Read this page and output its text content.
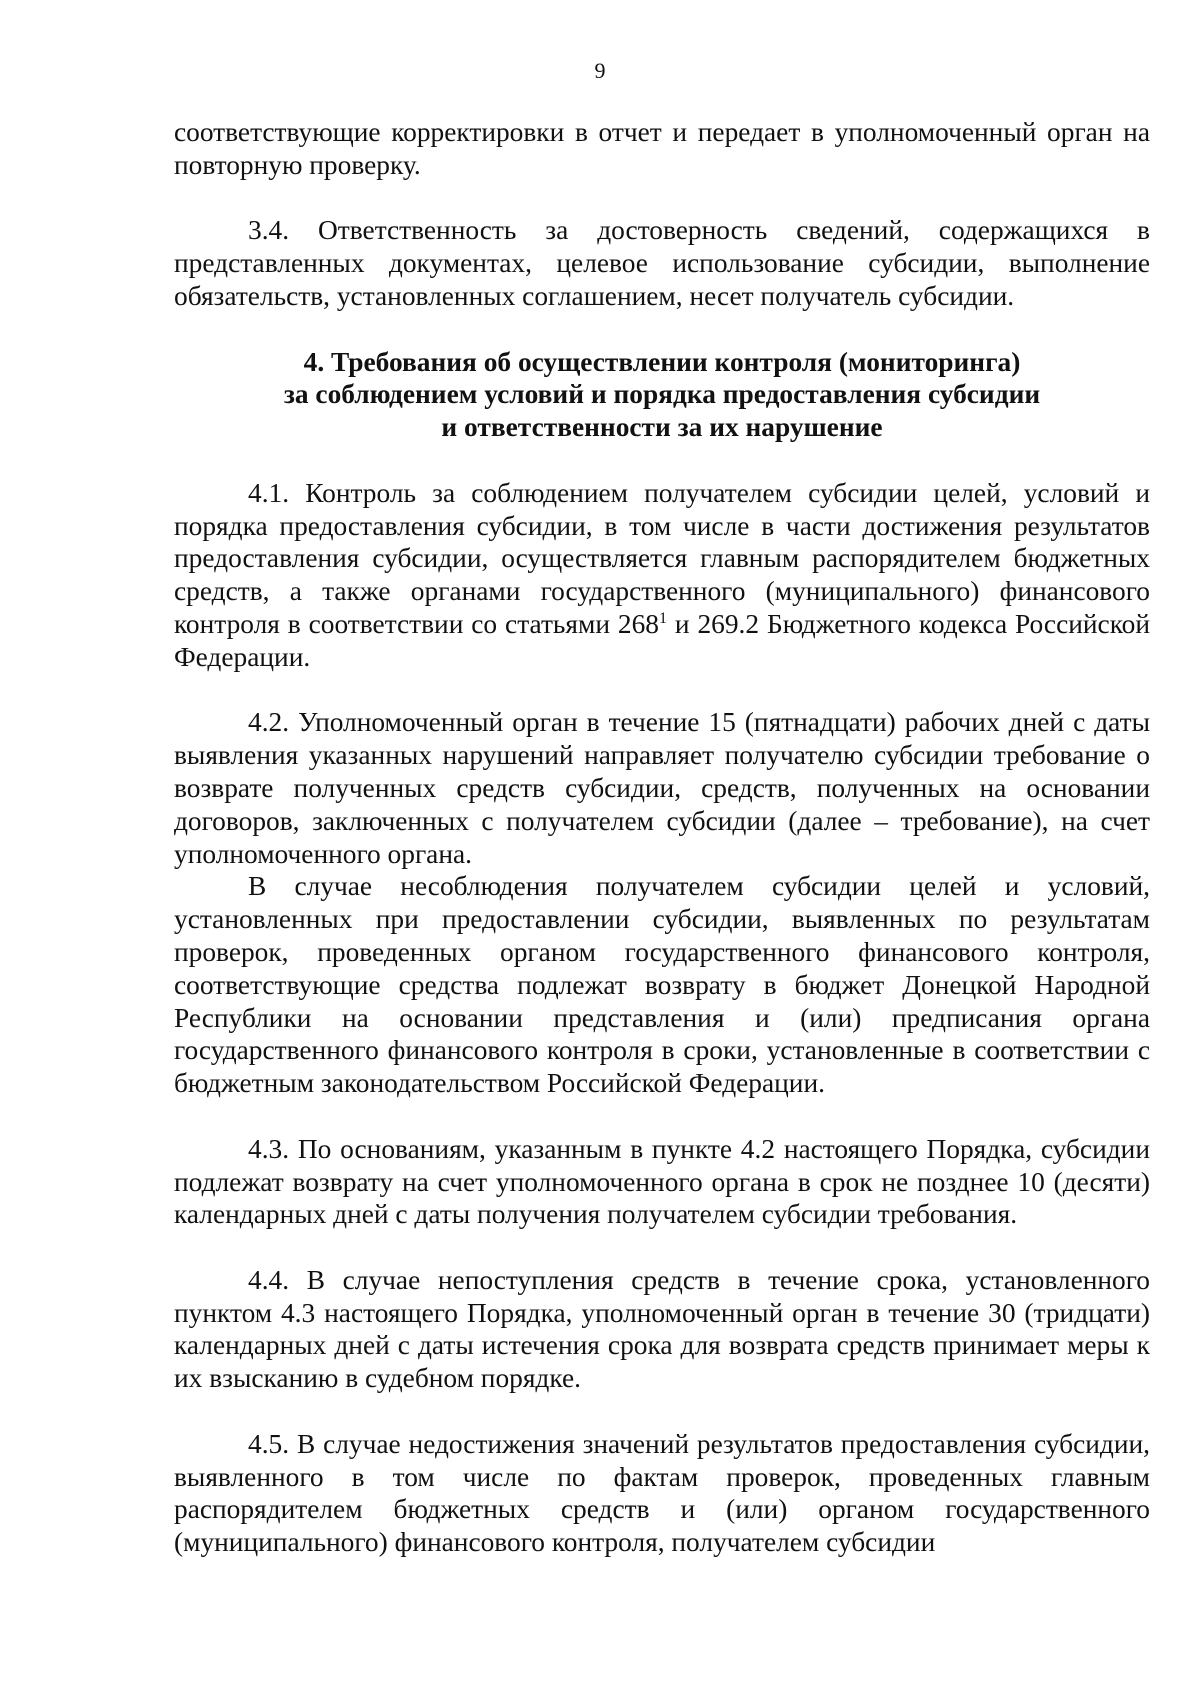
9

соответствующие корректировки в отчет и передает в уполномоченный орган на повторную проверку.

3.4. Ответственность за достоверность сведений, содержащихся в представленных документах, целевое использование субсидии, выполнение обязательств, установленных соглашением, несет получатель субсидии.

4. Требования об осуществлении контроля (мониторинга)
за соблюдением условий и порядка предоставления субсидии
и ответственности за их нарушение

4.1. Контроль за соблюдением получателем субсидии целей, условий и порядка предоставления субсидии, в том числе в части достижения результатов предоставления субсидии, осуществляется главным распорядителем бюджетных средств, а также органами государственного (муниципального) финансового контроля в соответствии со статьями $268^1$ и 269.2 Бюджетного кодекса Российской Федерации.

4.2. Уполномоченный орган в течение 15 (пятнадцати) рабочих дней с даты выявления указанных нарушений направляет получателю субсидии требование о возврате полученных средств субсидии, средств, полученных на основании договоров, заключенных с получателем субсидии (далее – требование), на счет уполномоченного органа.

В случае несоблюдения получателем субсидии целей и условий, установленных при предоставлении субсидии, выявленных по результатам проверок, проведенных органом государственного финансового контроля, соответствующие средства подлежат возврату в бюджет Донецкой Народной Республики на основании представления и (или) предписания органа государственного финансового контроля в сроки, установленные в соответствии с бюджетным законодательством Российской Федерации.

4.3. По основаниям, указанным в пункте 4.2 настоящего Порядка, субсидии подлежат возврату на счет уполномоченного органа в срок не позднее 10 (десяти) календарных дней с даты получения получателем субсидии требования.

4.4. В случае непоступления средств в течение срока, установленного пунктом 4.3 настоящего Порядка, уполномоченный орган в течение 30 (тридцати) календарных дней с даты истечения срока для возврата средств принимает меры к их взысканию в судебном порядке.

4.5. В случае недостижения значений результатов предоставления субсидии, выявленного в том числе по фактам проверок, проведенных главным распорядителем бюджетных средств и (или) органом государственного (муниципального) финансового контроля, получателем субсидии
